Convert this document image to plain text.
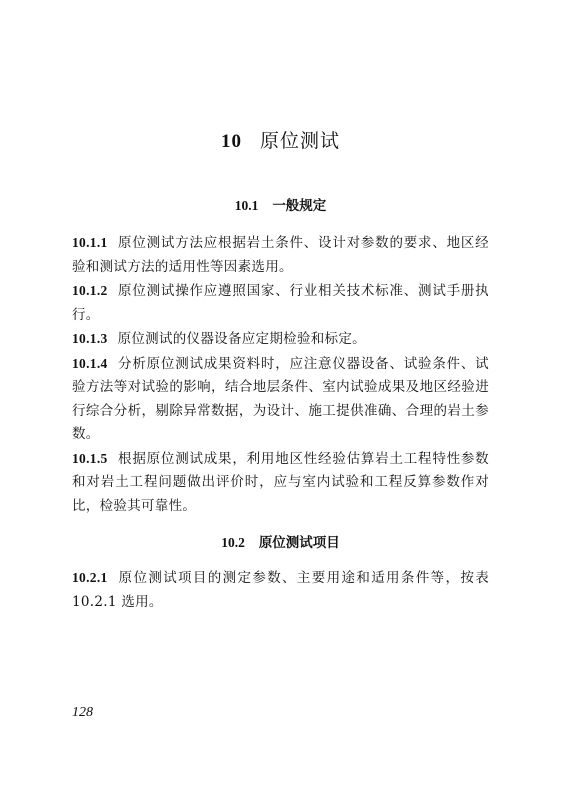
10 原位测试
10.1 一般规定
10.1.1 原位测试方法应根据岩土条件、设计对参数的要求、地区经验和测试方法的适用性等因素选用。
10.1.2 原位测试操作应遵照国家、行业相关技术标准、测试手册执行。
10.1.3 原位测试的仪器设备应定期检验和标定。
10.1.4 分析原位测试成果资料时，应注意仪器设备、试验条件、试验方法等对试验的影响，结合地层条件、室内试验成果及地区经验进行综合分析，剔除异常数据，为设计、施工提供准确、合理的岩土参数。
10.1.5 根据原位测试成果，利用地区性经验估算岩土工程特性参数和对岩土工程问题做出评价时，应与室内试验和工程反算参数作对比，检验其可靠性。
10.2 原位测试项目
10.2.1 原位测试项目的测定参数、主要用途和适用条件等，按表10.2.1 选用。
128
